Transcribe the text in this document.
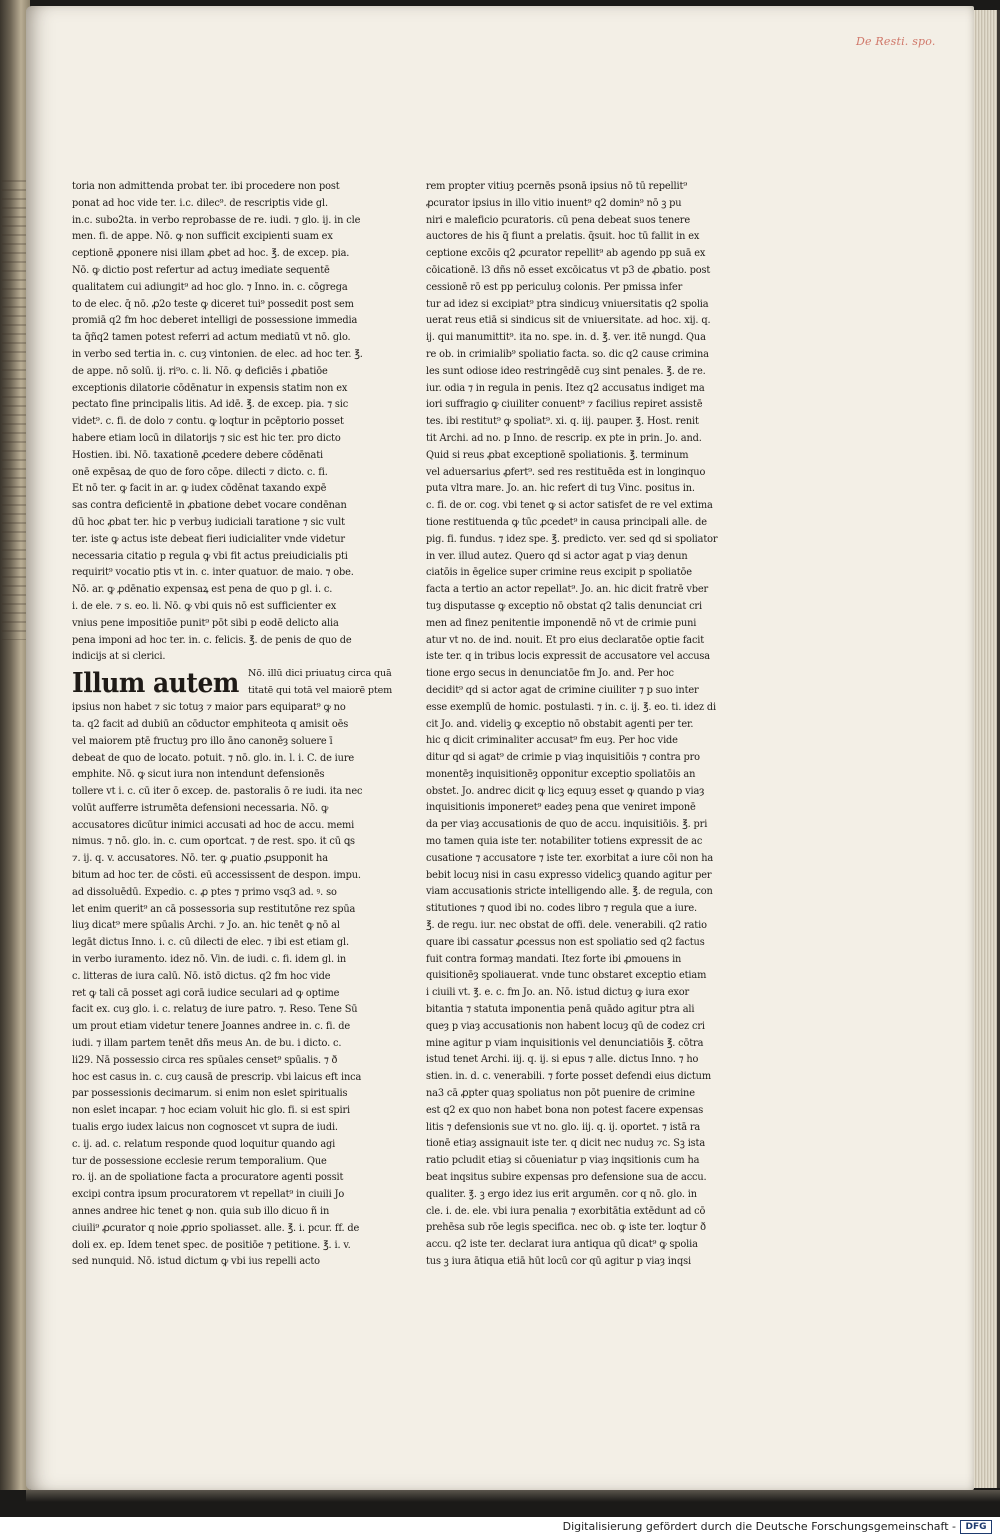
De Resti. spo.
toria non admittenda probat ter. ibi procedere non post
ponat ad hoc vide ter. i.c. dilec⁹. de rescriptis vide gl.
in.c. subo2ta. in verbo reprobasse de re. iudi. ⁊ glo. ij. in cle
men. fi. de appe. Nō. ꝙ non sufficit excipienti suam ex
ceptionē ꝓponere nisi illam ꝓbet ad hoc. ℥. de excep. pia.
Nō. ꝙ dictio post refertur ad actuȝ imediate sequentē
qualitatem cui adiungit⁹ ad hoc glo. ⁊ Inno. in. c. cōgrega
to de elec. q̄ nō. ꝓ2o teste ꝙ diceret tui⁹ possedit post sem
promiā q2 fm hoc deberet intelligi de possessione immedia
ta q̄ñq2 tamen potest referri ad actum mediatū vt nō. glo.
in verbo sed tertia in. c. cuȝ vintonien. de elec. ad hoc ter. ℥.
de appe. nō solū. ij. ri⁹o. c. li. Nō. ꝙ deficiēs i ꝓbatiōe
exceptionis dilatorie cōdēnatur in expensis statim non ex
pectato fine principalis litis. Ad idē. ℥. de excep. pia. ⁊ sic
videt⁹. c. fi. de dolo ⁊ contu. ꝙ loqtur in pcēptorio posset
habere etiam locū in dilatorijs ⁊ sic est hic ter. pro dicto
Hostien. ibi. Nō. taxationē ꝓcedere debere cōdēnati
onē expēsaꝝ de quo de foro cōpe. dilecti ⁊ dicto. c. fi.
Et nō ter. ꝙ facit in ar. ꝙ iudex cōdēnat taxando expē
sas contra deficientē in ꝓbatione debet vocare condēnan
dū hoc ꝓbat ter. hic p verbuȝ iudiciali taratione ⁊ sic vult
ter. iste ꝙ actus iste debeat fieri iudicialiter vnde videtur
necessaria citatio p regula ꝙ vbi fit actus preiudicialis pti
requirit⁹ vocatio ptis vt in. c. inter quatuor. de maio. ⁊ obe.
Nō. ar. ꝙ ꝓdēnatio expensaꝝ est pena de quo p gl. i. c.
i. de ele. ⁊ s. eo. li. Nō. ꝙ vbi quis nō est sufficienter ex
vnius pene impositiōe punit⁹ pōt sibi p eodē delicto alia
pena imponi ad hoc ter. in. c. felicis. ℥. de penis de quo de
indicijs at si clerici.
Illum autem Nō. illū dici priuatuȝ circa quā
titatē qui totā vel maiorē ptem
ipsius non habet ⁊ sic totuȝ ⁊ maior pars equiparat⁹ ꝙ no
ta. q2 facit ad dubiū an cōductor emphiteota q amisit oēs
vel maiorem ptē fructuȝ pro illo āno canonēȝ soluere ī
debeat de quo de locato. potuit. ⁊ nō. glo. in. l. i. C. de iure
emphite. Nō. ꝙ sicut iura non intendunt defensionēs
tollere vt i. c. cū iter ō excep. de. pastoralis ō re iudi. ita nec
volūt aufferre istrumēta defensioni necessaria. Nō. ꝙ
accusatores dicūtur inimici accusati ad hoc de accu. memi
nimus. ⁊ nō. glo. in. c. cum oportcat. ⁊ de rest. spo. it cū ꝗs
⁊. ij. q. v. accusatores. Nō. ter. ꝙ ꝓuatio ꝓsupponit ha
bitum ad hoc ter. de cōsti. eū accessissent de despon. impu.
ad dissoluēdū. Expedio. c. ꝓ ptes ⁊ primo vsq3 ad. ꝰ. so
let enim querit⁹ an cā possessoria sup restitutōne rez spūa
liuȝ dicat⁹ mere spūalis Archi. ⁊ Jo. an. hic tenēt ꝙ nō al
legāt dictus Inno. i. c. cū dilecti de elec. ⁊ ibi est etiam gl.
in verbo iuramento. idez nō. Vin. de iudi. c. fi. idem gl. in
c. litteras de iura calū. Nō. istō dictus. q2 fm hoc vide
ret ꝙ tali cā posset agi corā iudice seculari ad ꝙ optime
facit ex. cuȝ glo. i. c. relatuȝ de iure patro. ⁊. Reso. Tene Sū
um prout etiam videtur tenere Joannes andree in. c. fi. de
iudi. ⁊ illam partem tenēt dñs meus An. de bu. i dicto. c.
li29. Nā possessio circa res spūales censet⁹ spūalis. ⁊ ð
hoc est casus in. c. cuȝ causā de prescrip. vbi laicus eft inca
par possessionis decimarum. si enim non eslet spiritualis
non eslet incapar. ⁊ hoc eciam voluit hic glo. fi. si est spiri
tualis ergo iudex laicus non cognoscet vt supra de iudi.
c. ij. ad. c. relatum responde quod loquitur quando agi
tur de possessione ecclesie rerum temporalium. Que
ro. ij. an de spoliatione facta a procuratore agenti possit
excipi contra ipsum procuratorem vt repellat⁹ in ciuili Jo
annes andree hic tenet ꝙ non. quia sub illo dicuo ñ in
ciuili⁹ ꝓcurator q noie ꝓprio spoliasset. alle. ℥. i. pcur. ff. de
doli ex. ep. Idem tenet spec. de positiōe ⁊ petitione. ℥. i. v.
sed nunquid. Nō. istud dictum ꝙ vbi ius repelli acto
rem propter vitiuȝ pcernēs psonā ipsius nō tū repellit⁹
ꝓcurator ipsius in illo vitio inuent⁹ q2 domin⁹ nō ꝫ pu
niri e maleficio pcuratoris. cū pena debeat suos tenere
auctores de his q̄ fiunt a prelatis. q̄suit. hoc tū fallit in ex
ceptione excōis q2 ꝓcurator repellit⁹ ab agendo pp suā ex
cōicationē. l3 dñs nō esset excōicatus vt p3 de ꝓbatio. post
cessionē rō est pp periculuȝ colonis. Per pmissa infer
tur ad idez si excipiat⁹ ptra sindicuȝ vniuersitatis q2 spolia
uerat reus etiā si sindicus sit de vniuersitate. ad hoc. xij. q.
ij. qui manumittit⁹. ita no. spe. in. d. ℥. ver. itē nungd. Qua
re ob. in crimialib⁹ spoliatio facta. so. dic q2 cause crimina
les sunt odiose ideo restringēdē cuȝ sint penales. ℥. de re.
iur. odia ⁊ in regula in penis. Itez q2 accusatus indiget ma
iori suffragio ꝙ ciuiliter conuent⁹ ⁊ facilius repiret assistē
tes. ibi restitut⁹ ꝙ spoliat⁹. xi. q. iij. pauper. ℥. Host. renit
tit Archi. ad no. p Inno. de rescrip. ex pte in prin. Jo. and.
Quid si reus ꝓbat exceptionē spoliationis. ℥. terminum
vel aduersarius ꝓfert⁹. sed res restituēda est in longinquo
puta vltra mare. Jo. an. hic refert di tuȝ Vinc. positus in.
c. fi. de or. cog. vbi tenet ꝙ si actor satisfet de re vel extima
tione restituenda ꝙ tūc ꝓcedet⁹ in causa principali alle. de
pig. fi. fundus. ⁊ idez spe. ℥. predicto. ver. sed qd si spoliator
in ver. illud autez. Quero qd si actor agat p viaȝ denun
ciatōis in ēgelice super crimine reus excipit p spoliatōe
facta a tertio an actor repellat⁹. Jo. an. hic dicit fratrē vber
tuȝ disputasse ꝙ exceptio nō obstat q2 talis denunciat cri
men ad finez penitentie imponendē nō vt de crimie puni
atur vt no. de ind. nouit. Et pro eius declaratōe optie facit
iste ter. q in tribus locis expressit de accusatore vel accusa
tione ergo secus in denunciatōe fm Jo. and. Per hoc
decidit⁹ qd si actor agat de crimine ciuiliter ⁊ p suo inter
esse exemplū de homic. postulasti. ⁊ in. c. ij. ℥. eo. ti. idez di
cit Jo. and. videliꝫ ꝙ exceptio nō obstabit agenti per ter.
hic q dicit criminaliter accusat⁹ fm euȝ. Per hoc vide
ditur qd si agat⁹ de crimie p viaȝ inquisitiōis ⁊ contra pro
monentēȝ inquisitionēȝ opponitur exceptio spoliatōis an
obstet. Jo. andrec dicit ꝙ licꝫ equuȝ esset ꝙ quando p viaȝ
inquisitionis imponeret⁹ eadeȝ pena que veniret imponē
da per viaȝ accusationis de quo de accu. inquisitiōis. ℥. pri
mo tamen quia iste ter. notabiliter totiens expressit de ac
cusatione ⁊ accusatore ⁊ iste ter. exorbitat a iure cōi non ha
bebit locuȝ nisi in casu expresso videlicꝫ quando agitur per
viam accusationis stricte intelligendo alle. ℥. de regula, con
stitutiones ⁊ quod ibi no. codes libro ⁊ regula que a iure.
℥. de regu. iur. nec obstat de offi. dele. venerabili. q2 ratio
quare ibi cassatur ꝓcessus non est spoliatio sed q2 factus
fuit contra formaȝ mandati. Itez forte ibi ꝓmouens in
quisitionēȝ spoliauerat. vnde tunc obstaret exceptio etiam
i ciuili vt. ℥. e. c. fm Jo. an. Nō. istud dictuȝ ꝙ iura exor
bitantia ⁊ statuta imponentia penā quādo agitur ptra ali
queȝ p viaȝ accusationis non habent locuȝ qū de codez cri
mine agitur p viam inquisitionis vel denunciatiōis ℥. cōtra
istud tenet Archi. iij. q. ij. si epus ⁊ alle. dictus Inno. ⁊ ho
stien. in. d. c. venerabili. ⁊ forte posset defendi eius dictum
na3 cā ꝓpter quaȝ spoliatus non pōt puenire de crimine
est q2 ex quo non habet bona non potest facere expensas
litis ⁊ defensionis sue vt no. glo. iij. q. ij. oportet. ⁊ istā ra
tionē etiaȝ assignauit iste ter. q dicit nec nuduȝ ⁊c. Sꝫ ista
ratio pcludit etiaȝ si cōueniatur p viaȝ inqsitionis cum ha
beat inqsitus subire expensas pro defensione sua de accu.
qualiter. ℥. ꝫ ergo idez ius erit argumēn. cor q nō. glo. in
cle. i. de. ele. vbi iura penalia ⁊ exorbitātia extēdunt ad cō
prehēsa sub rōe legis specifica. nec ob. ꝙ iste ter. loqtur ð
accu. q2 iste ter. declarat iura antiqua qū dicat⁹ ꝙ spolia
tus ꝫ iura ātiqua etiā hūt locū cor qū agitur p viaȝ inqsi
Digitalisierung gefördert durch die Deutsche Forschungsgemeinschaft -	DFG
